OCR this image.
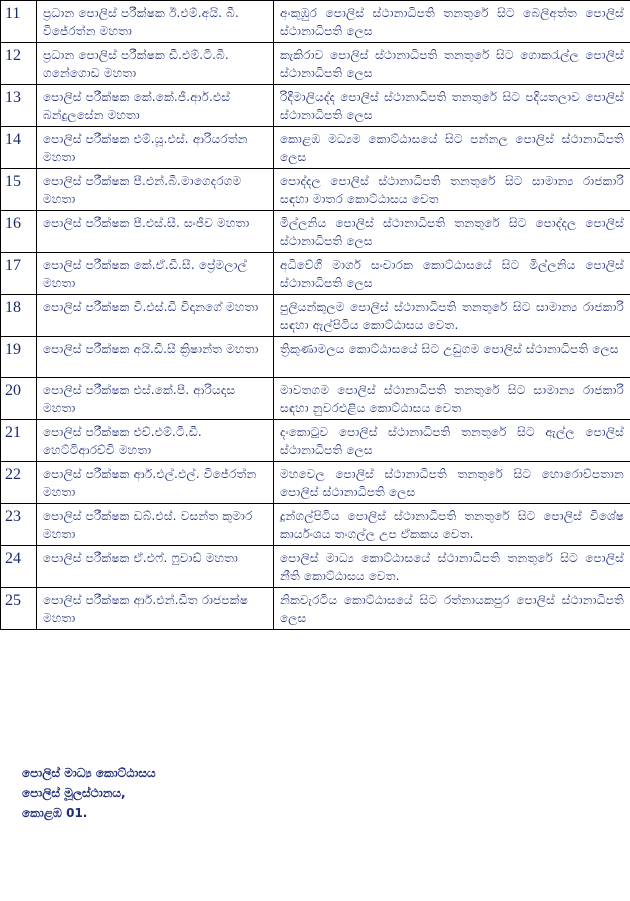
11	ප්‍රධාන පොලිස් පරීක්ෂක ඊ.එම්.අයි. බී. විජේරත්න මහතා	අංකුඹුර පොලිස් ස්ථානාධිපති තනතුරේ සිට බෙලිඅත්ත පොලිස් ස්ථානාධිපති ලෙස
12	ප්‍රධාන පොලිස් පරීක්ෂක ඩී.එම්.ටී.බී. ගනේගොඩ මහතා	කැකිරාව පොලිස් ස්ථානාධිපති තනතුරේ සිට ගොකරැල්ල පොලිස් ස්ථානාධිපති ලෙස
13	පොලිස් පරීක්ෂක කේ.කේ.ජී.ආර්.එස් බන්දුලසේන මහතා	රිදීමාලියද්ද පොලිස් ස්ථානාධිපති තනතුරේ සිට පදියතලාව පොලිස් ස්ථානාධිපති ලෙස
14	පොලිස් පරීක්ෂක එම්.යූ.එස්. ආරියරත්න මහතා	කොළඹ මධ්‍යම කොට්ඨාසයේ සිට පන්නල පොලිස් ස්ථානාධිපති ලෙස
15	පොලිස් පරීක්ෂක පී.එන්.බී.මාගෙදරගම මහතා	පොද්දල පොලිස් ස්ථානාධිපති තනතුරේ සිට සාමාන්‍ය රාජකාරි සඳහා මාතර කොට්ඨාසය වෙත
16	පොලිස් පරීක්ෂක පී.එස්.සී. සංජීව මහතා	මිල්ලනිය පොලිස් ස්ථානාධිපති තනතුරේ සිට පොද්දල පොලිස් ස්ථානාධිපති ලෙස
17	පොලිස් පරීක්ෂක කේ.ඒ.ඩී.සී. ප්‍රේමලාල් මහතා	අධිවේගී මාර්ග සංචාරක කොට්ඨාසයේ සිට මිල්ලනිය පොලිස් ස්ථානාධිපති ලෙස
18	පොලිස් පරීක්ෂක වී.එස්.ඩී විදානගේ මහතා	පුලියන්කුලම පොලිස් ස්ථානාධිපති තනතුරේ සිට සාමාන්‍ය රාජකාරි සඳහා ඇල්පිටිය කොට්ඨාසය වෙත.
19	පොලිස් පරීක්ෂක අයි.ඩී.සී ක්‍රිෂාන්ත මහතා	ත්‍රිකුණාමලය කොට්ඨාසයේ සිට උඩුගම පොලිස් ස්ථානාධිපති ලෙස
20	පොලිස් පරීක්ෂක එස්.කේ.පී. ආරියදාස මහතා	මාවතගම පොලිස් ස්ථානාධිපති තනතුරේ සිට සාමාන්‍ය රාජකාරි සඳහා නුවරඑළිය කොට්ඨාසය වෙත
21	පොලිස් පරීක්ෂක එච්.එම්.ටී.ඩී. හෙට්ටිආරච්චි මහතා	දංකොටුව පොලිස් ස්ථානාධිපති තනතුරේ සිට ඇල්ල පොලිස් ස්ථානාධිපති ලෙස
22	පොලිස් පරීක්ෂක ආර්.එල්.එල්. විජේරත්න මහතා	මහවෙල පොලිස් ස්ථානාධිපති තනතුරේ සිට හොරොව්පතාන පොලිස් ස්ථානාධිපති ලෙස
23	පොලිස් පරීක්ෂක ඩබ්.එස්. වසන්ත කුමාර මහතා	දූන්ගල්පිටිය පොලිස් ස්ථානාධිපති තනතුරේ සිට පොලිස් විශේෂ කාර්යංශය තංගල්ල උප ඒකකය වෙත.
24	පොලිස් පරීක්ෂක ඒ.එෆ්. ෆුවාඩ් මහතා	පොලිස් මාධ්‍ය කොට්ඨාසයේ ස්ථානාධිපති තනතුරේ සිට පොලිස් නීති කොට්ඨාසය වෙත.
25	පොලිස් පරීක්ෂක ආර්.එන්.ඩීත රාජපක්ෂ මහතා	නිකවැරටිය කොට්ඨාසයේ සිට රත්නායකපුර පොලිස් ස්ථානාධිපති ලෙස
පොලිස් මාධ්‍ය කොට්ඨාසය
පොලිස් මූලස්ථානය,
කොළඹ 01.
